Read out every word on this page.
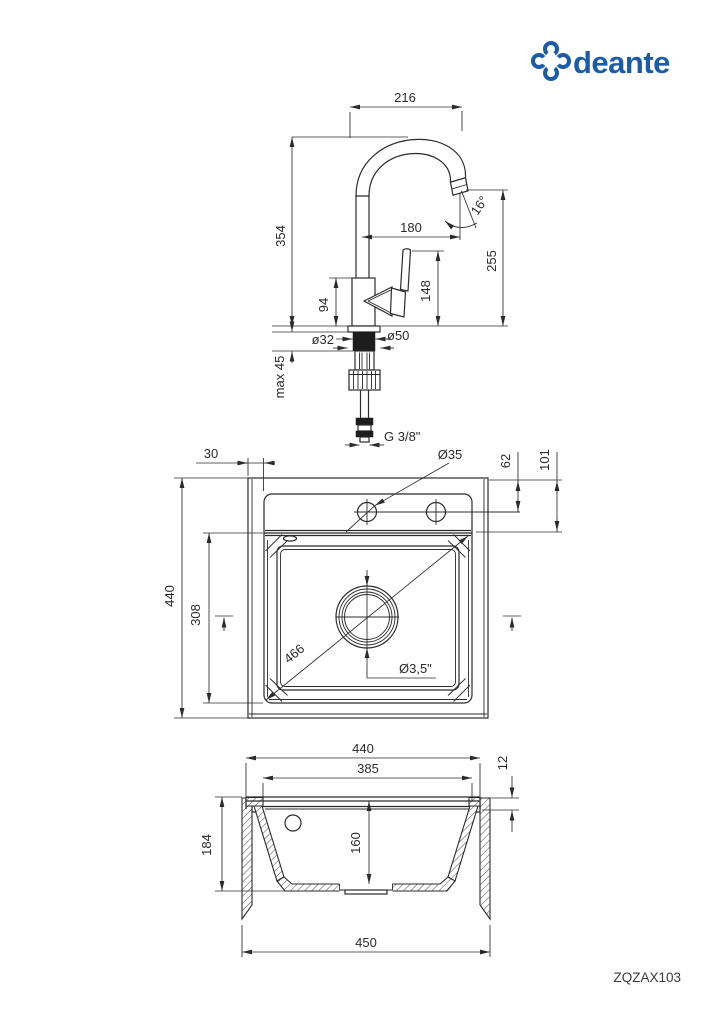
deante
216
354
16°
180
255
148
94
ø32	ø50
max 45
G 3/8"
Ø35
30
440
308
466
Ø3,5"
62 101
440
385	12
184	160
450
ZQZAX103
